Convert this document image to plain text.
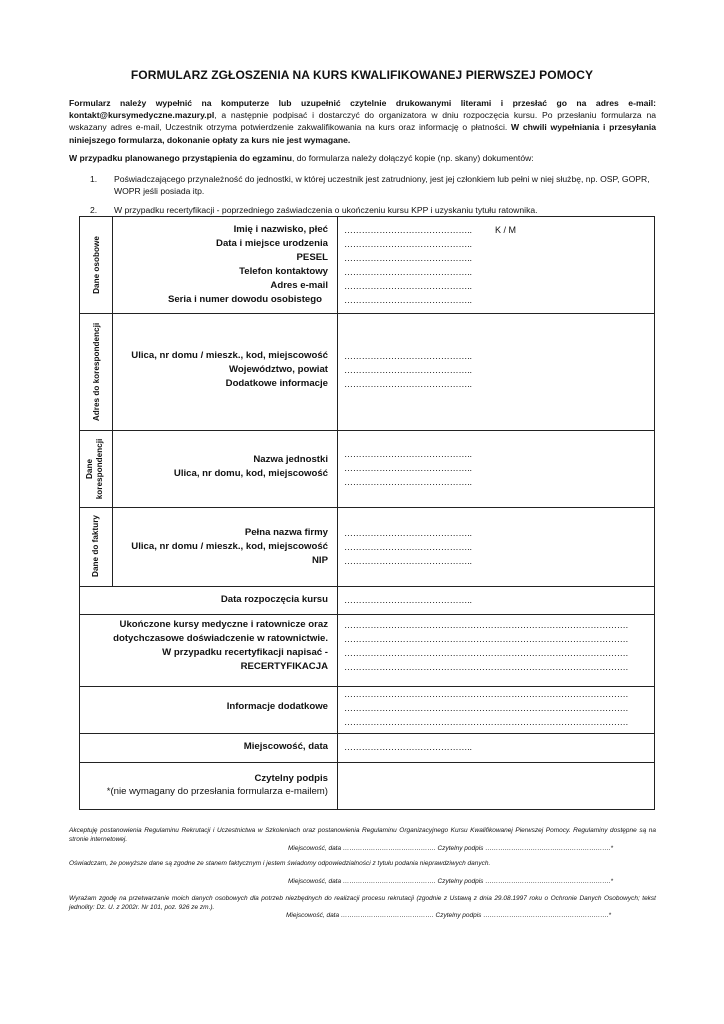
FORMULARZ ZGŁOSZENIA NA KURS KWALIFIKOWANEJ PIERWSZEJ POMOCY
Formularz należy wypełnić na komputerze lub uzupełnić czytelnie drukowanymi literami i przesłać go na adres e-mail: kontakt@kursymedyczne.mazury.pl, a następnie podpisać i dostarczyć do organizatora w dniu rozpoczęcia kursu. Po przesłaniu formularza na wskazany adres e-mail, Uczestnik otrzyma potwierdzenie zakwalifikowania na kurs oraz informację o płatności. W chwili wypełniania i przesyłania niniejszego formularza, dokonanie opłaty za kurs nie jest wymagane.
W przypadku planowanego przystąpienia do egzaminu, do formularza należy dołączyć kopie (np. skany) dokumentów:
1. Poświadczającego przynależność do jednostki, w której uczestnik jest zatrudniony, jest jej członkiem lub pełni w niej służbę, np. OSP, GOPR,
WOPR jeśli posiada itp.
2. W przypadku recertyfikacji - poprzedniego zaświadczenia o ukończeniu kursu KPP i uzyskaniu tytułu ratownika.
Dane osobowe
Adres do korespondencji
Dane korespondencji
Dane do faktury
Imię i nazwisko, płeć
Data i miejsce urodzenia
PESEL
Telefon kontaktowy
Adres e-mail
Seria i numer dowodu osobistego
……………………………………..	K / M
……………………………………..
……………………………………..
……………………………………..
……………………………………..
……………………………………..
Ulica, nr domu / mieszk., kod, miejscowość
Województwo, powiat
Dodatkowe informacje
……………………………………..
……………………………………..
……………………………………..
Nazwa jednostki
Ulica, nr domu, kod, miejscowość
……………………………………..
……………………………………..
……………………………………..
Pełna nazwa firmy
Ulica, nr domu / mieszk., kod, miejscowość
NIP
……………………………………..
……………………………………..
……………………………………..
Data rozpoczęcia kursu ……………………………………..
Ukończone kursy medyczne i ratownicze oraz
dotychczasowe doświadczenie w ratownictwie.
W przypadku recertyfikacji napisać -
RECERTYFIKACJA
…………………………………………………………………………………….
…………………………………………………………………………………….
…………………………………………………………………………………….
…………………………………………………………………………………….
Informacje dodatkowe
…………………………………………………………………………………….
…………………………………………………………………………………….
…………………………………………………………………………………….
Miejscowość, data ……………………………………..
Czytelny podpis
*(nie wymagany do przesłania formularza e-mailem)
Akceptuję postanowienia Regulaminu Rekrutacji i Uczestnictwa w Szkoleniach oraz postanowienia Regulaminu Organizacyjnego Kursu Kwalifikowanej Pierwszej Pomocy. Regulaminy dostępne są na stronie internetowej.
Miejscowość, data ……………………………………. Czytelny podpis ………………………………………………….*
Oświadczam, że powyższe dane są zgodne ze stanem faktycznym i jestem świadomy odpowiedzialności z tytułu podania nieprawdziwych danych.
Miejscowość, data ……………………………………. Czytelny podpis ………………………………………………….*
Wyrażam zgodę na przetwarzanie moich danych osobowych dla potrzeb niezbędnych do realizacji procesu rekrutacji (zgodnie z Ustawą z dnia 29.08.1997 roku o Ochronie Danych Osobowych; tekst jednolity: Dz. U. z 2002r. Nr 101, poz. 926 ze zm.).
Miejscowość, data ……………………………………. Czytelny podpis ………………………………………………….*
